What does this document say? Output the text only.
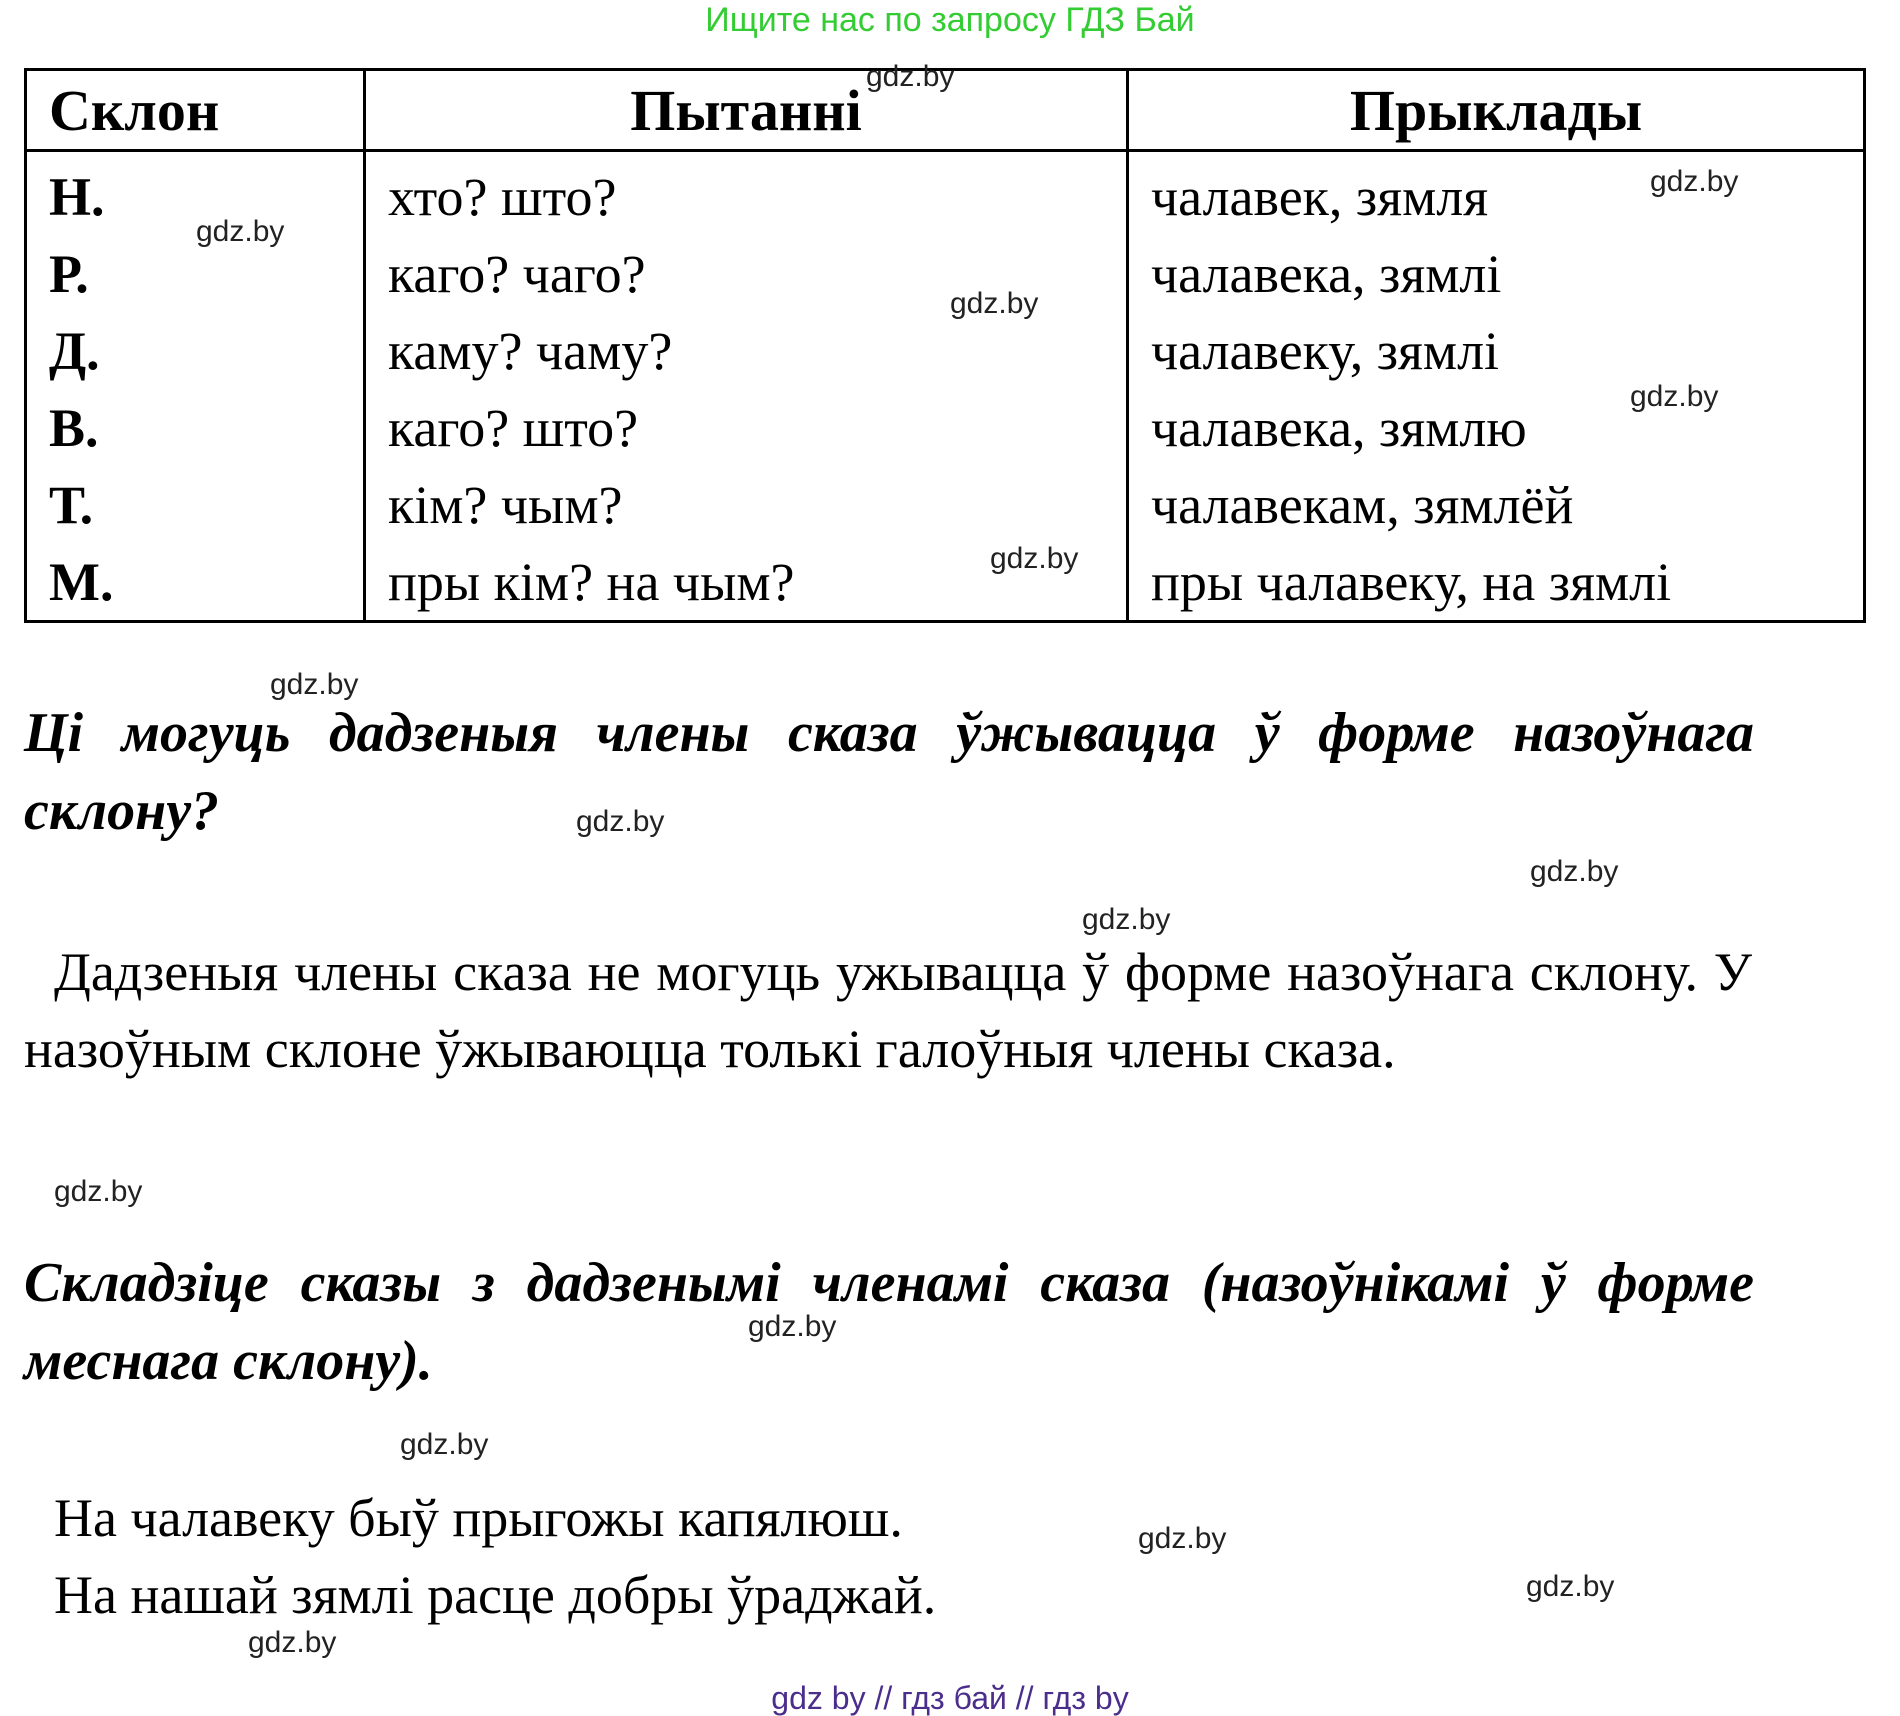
Ищите нас по запросу ГДЗ Бай
Склон	Пытанні	Прыклады
Н.	хто? што?	чалавек, зямля
Р.	каго? чаго?	чалавека, зямлі
Д.	каму? чаму?	чалавеку, зямлі
В.	каго? што?	чалавека, зямлю
Т.	кім? чым?	чалавекам, зямлёй
М.	пры кім? на чым?	пры чалавеку, на зямлі

Ці могуць дадзеныя члены сказа ўжывацца ў форме назоўнага склону?

Дадзеныя члены сказа не могуць ужывацца ў форме назоўнага склону. У назоўным склоне ўжываюцца толькі галоўныя члены сказа.

Складзіце сказы з дадзенымі членамі сказа (назоўнікамі ў форме меснага склону).

На чалавеку быў прыгожы капялюш.

На нашай зямлі расце добры ўраджай.

gdz.by
gdz.by
gdz.by
gdz.by
gdz.by
gdz.by
gdz.by
gdz.by
gdz.by
gdz.by
gdz.by
gdz.by
gdz.by
gdz.by
gdz.by
gdz.by
gdz by // гдз бай // гдз by
